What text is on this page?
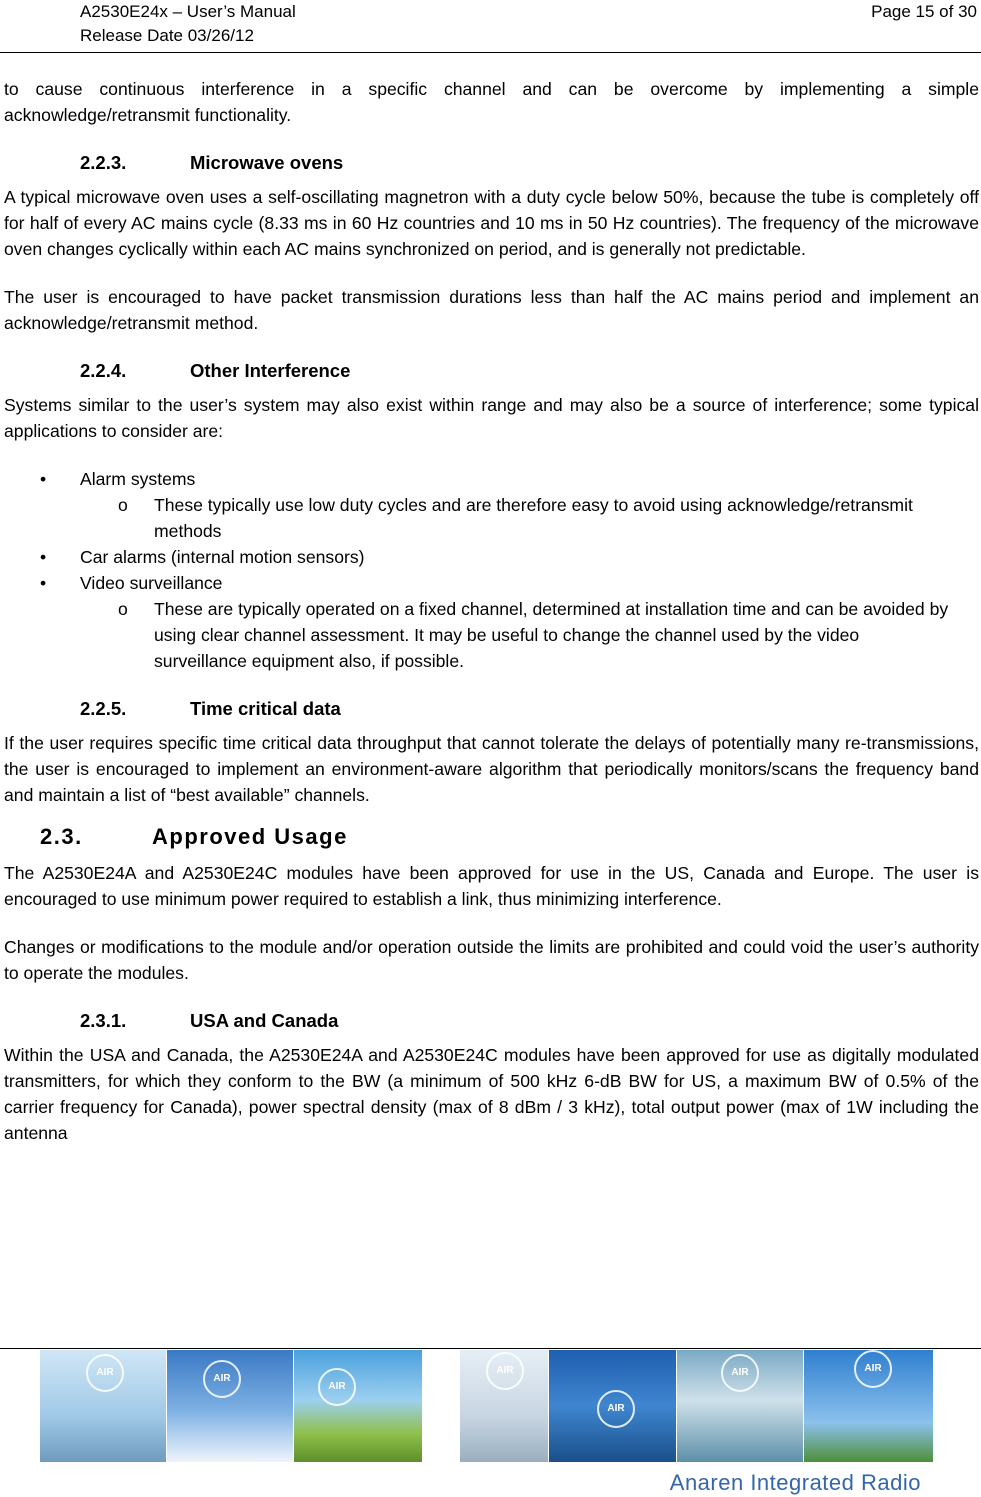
A2530E24x – User’s Manual
Release Date 03/26/12
Page 15 of 30

to cause continuous interference in a specific channel and can be overcome by implementing a simple acknowledge/retransmit functionality.

2.2.3.	Microwave ovens

A typical microwave oven uses a self-oscillating magnetron with a duty cycle below 50%, because the tube is completely off for half of every AC mains cycle (8.33 ms in 60 Hz countries and 10 ms in 50 Hz countries). The frequency of the microwave oven changes cyclically within each AC mains synchronized on period, and is generally not predictable.

The user is encouraged to have packet transmission durations less than half the AC mains period and implement an acknowledge/retransmit method.

2.2.4.	Other Interference

Systems similar to the user’s system may also exist within range and may also be a source of interference; some typical applications to consider are:

• Alarm systems
o These typically use low duty cycles and are therefore easy to avoid using acknowledge/retransmit methods
• Car alarms (internal motion sensors)
• Video surveillance
o These are typically operated on a fixed channel, determined at installation time and can be avoided by using clear channel assessment. It may be useful to change the channel used by the video surveillance equipment also, if possible.
2.2.5.	Time critical data

If the user requires specific time critical data throughput that cannot tolerate the delays of potentially many re-transmissions, the user is encouraged to implement an environment-aware algorithm that periodically monitors/scans the frequency band and maintain a list of “best available” channels.

2.3.	Approved Usage

The A2530E24A and A2530E24C modules have been approved for use in the US, Canada and Europe. The user is encouraged to use minimum power required to establish a link, thus minimizing interference.

Changes or modifications to the module and/or operation outside the limits are prohibited and could void the user’s authority to operate the modules.

2.3.1.	USA and Canada

Within the USA and Canada, the A2530E24A and A2530E24C modules have been approved for use as digitally modulated transmitters, for which they conform to the BW (a minimum of 500 kHz 6-dB BW for US, a maximum BW of 0.5% of the carrier frequency for Canada), power spectral density (max of 8 dBm / 3 kHz), total output power (max of 1W including the antenna

AIR
AIR
AIR
AIR
AIR
AIR	AIR
Anaren Integrated Radio
